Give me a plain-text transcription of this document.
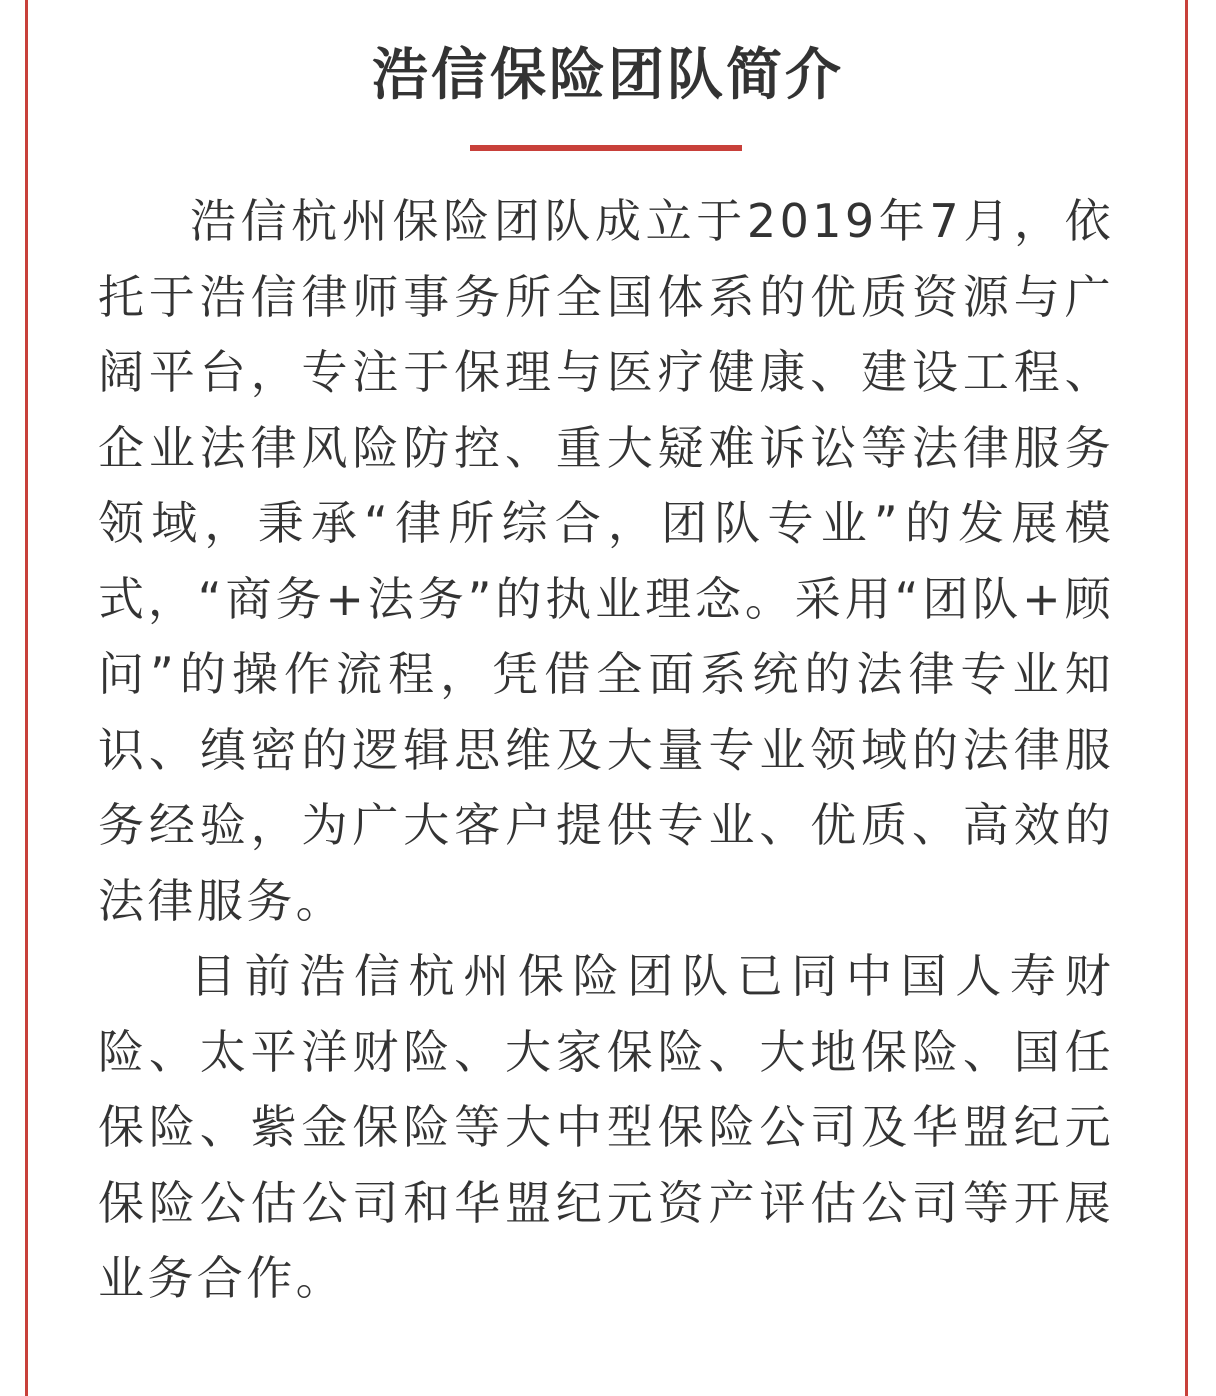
浩信保险团队简介

浩信杭州保险团队成立于2019年7月，依托于浩信律师事务所全国体系的优质资源与广阔平台，专注于保理与医疗健康、建设工程、企业法律风险防控、重大疑难诉讼等法律服务领域，秉承“律所综合，团队专业”的发展模式，“商务+法务”的执业理念。采用“团队+顾问”的操作流程，凭借全面系统的法律专业知识、缜密的逻辑思维及大量专业领域的法律服务经验，为广大客户提供专业、优质、高效的法律服务。

目前浩信杭州保险团队已同中国人寿财险、太平洋财险、大家保险、大地保险、国任保险、紫金保险等大中型保险公司及华盟纪元保险公估公司和华盟纪元资产评估公司等开展业务合作。
